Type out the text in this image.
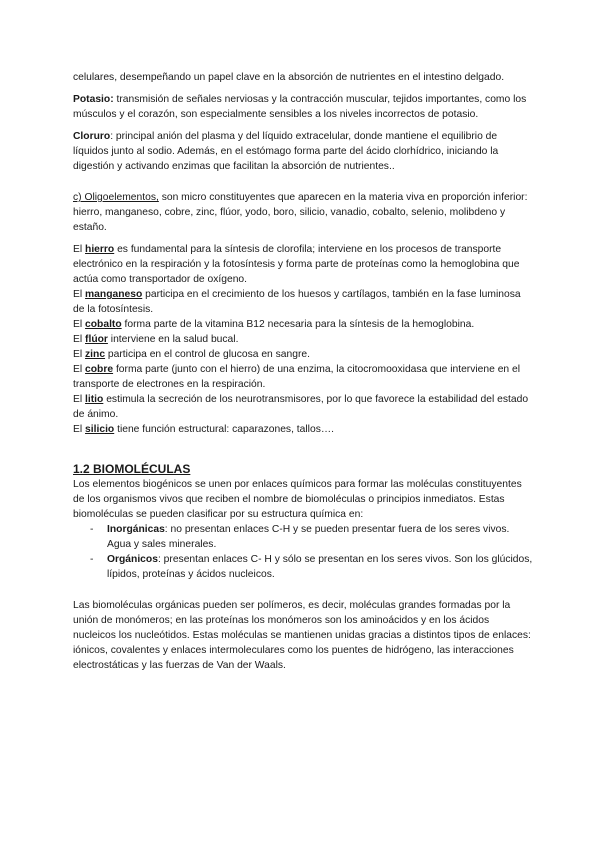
celulares, desempeñando un papel clave en la absorción de nutrientes en el intestino delgado.

Potasio: transmisión de señales nerviosas y la contracción muscular, tejidos importantes, como los músculos y el corazón, son especialmente sensibles a los niveles incorrectos de potasio.

Cloruro: principal anión del plasma y del líquido extracelular, donde mantiene el equilibrio de líquidos junto al sodio. Además, en el estómago forma parte del ácido clorhídrico, iniciando la digestión y activando enzimas que facilitan la absorción de nutrientes..

c) Oligoelementos, son micro constituyentes que aparecen en la materia viva en proporción inferior: hierro, manganeso, cobre, zinc, flúor, yodo, boro, silicio, vanadio, cobalto, selenio, molibdeno y estaño.

El hierro es fundamental para la síntesis de clorofila; interviene en los procesos de transporte electrónico en la respiración y la fotosíntesis y forma parte de proteínas como la hemoglobina que actúa como transportador de oxígeno.

El manganeso participa en el crecimiento de los huesos y cartílagos, también en la fase luminosa de la fotosíntesis.

El cobalto forma parte de la vitamina B12 necesaria para la síntesis de la hemoglobina.

El flúor interviene en la salud bucal.

El zinc participa en el control de glucosa en sangre.

El cobre forma parte (junto con el hierro) de una enzima, la citocromooxidasa que interviene en el transporte de electrones en la respiración.

El litio estimula la secreción de los neurotransmisores, por lo que favorece la estabilidad del estado de ánimo.

El silicio tiene función estructural: caparazones, tallos….

1.2 BIOMOLÉCULAS

Los elementos biogénicos se unen por enlaces químicos para formar las moléculas constituyentes de los organismos vivos que reciben el nombre de biomoléculas o principios inmediatos. Estas biomoléculas se pueden clasificar por su estructura química en:

- Inorgánicas: no presentan enlaces C-H y se pueden presentar fuera de los seres vivos. Agua y sales minerales.
- Orgánicos: presentan enlaces C- H y sólo se presentan en los seres vivos. Son los glúcidos, lípidos, proteínas y ácidos nucleicos.

Las biomoléculas orgánicas pueden ser polímeros, es decir, moléculas grandes formadas por la unión de monómeros; en las proteínas los monómeros son los aminoácidos y en los ácidos nucleicos los nucleótidos. Estas moléculas se mantienen unidas gracias a distintos tipos de enlaces: iónicos, covalentes y enlaces intermoleculares como los puentes de hidrógeno, las interacciones electrostáticas y las fuerzas de Van der Waals.
